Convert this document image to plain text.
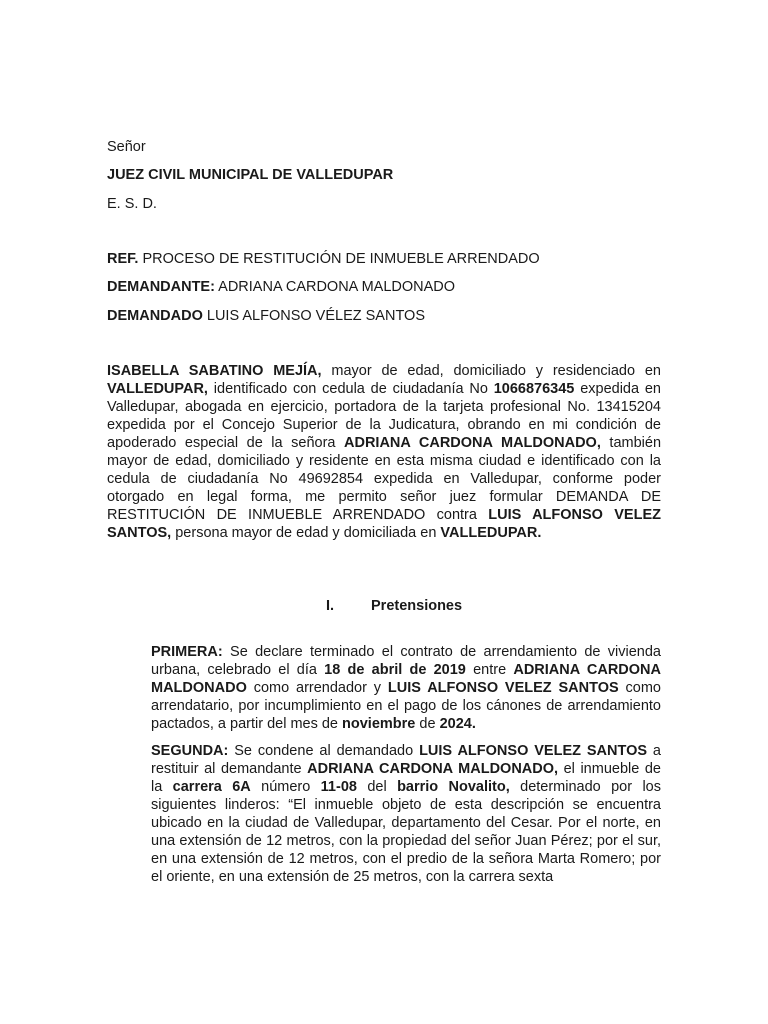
Señor
JUEZ CIVIL MUNICIPAL DE VALLEDUPAR
E. S. D.
REF. PROCESO DE RESTITUCIÓN DE INMUEBLE ARRENDADO
DEMANDANTE: ADRIANA CARDONA MALDONADO
DEMANDADO LUIS ALFONSO VÉLEZ SANTOS
ISABELLA SABATINO MEJÍA, mayor de edad, domiciliado y residenciado en VALLEDUPAR, identificado con cedula de ciudadanía No 1066876345 expedida en Valledupar, abogada en ejercicio, portadora de la tarjeta profesional No. 13415204 expedida por el Concejo Superior de la Judicatura, obrando en mi condición de apoderado especial de la señora ADRIANA CARDONA MALDONADO, también mayor de edad, domiciliado y residente en esta misma ciudad e identificado con la cedula de ciudadanía No 49692854 expedida en Valledupar, conforme poder otorgado en legal forma, me permito señor juez formular DEMANDA DE RESTITUCIÓN DE INMUEBLE ARRENDADO contra LUIS ALFONSO VELEZ SANTOS, persona mayor de edad y domiciliada en VALLEDUPAR.
I.	Pretensiones
PRIMERA: Se declare terminado el contrato de arrendamiento de vivienda urbana, celebrado el día 18 de abril de 2019 entre ADRIANA CARDONA MALDONADO como arrendador y LUIS ALFONSO VELEZ SANTOS como arrendatario, por incumplimiento en el pago de los cánones de arrendamiento pactados, a partir del mes de noviembre de 2024.
SEGUNDA: Se condene al demandado LUIS ALFONSO VELEZ SANTOS a restituir al demandante ADRIANA CARDONA MALDONADO, el inmueble de la carrera 6A número 11-08 del barrio Novalito, determinado por los siguientes linderos: “El inmueble objeto de esta descripción se encuentra ubicado en la ciudad de Valledupar, departamento del Cesar. Por el norte, en una extensión de 12 metros, con la propiedad del señor Juan Pérez; por el sur, en una extensión de 12 metros, con el predio de la señora Marta Romero; por el oriente, en una extensión de 25 metros, con la carrera sexta
